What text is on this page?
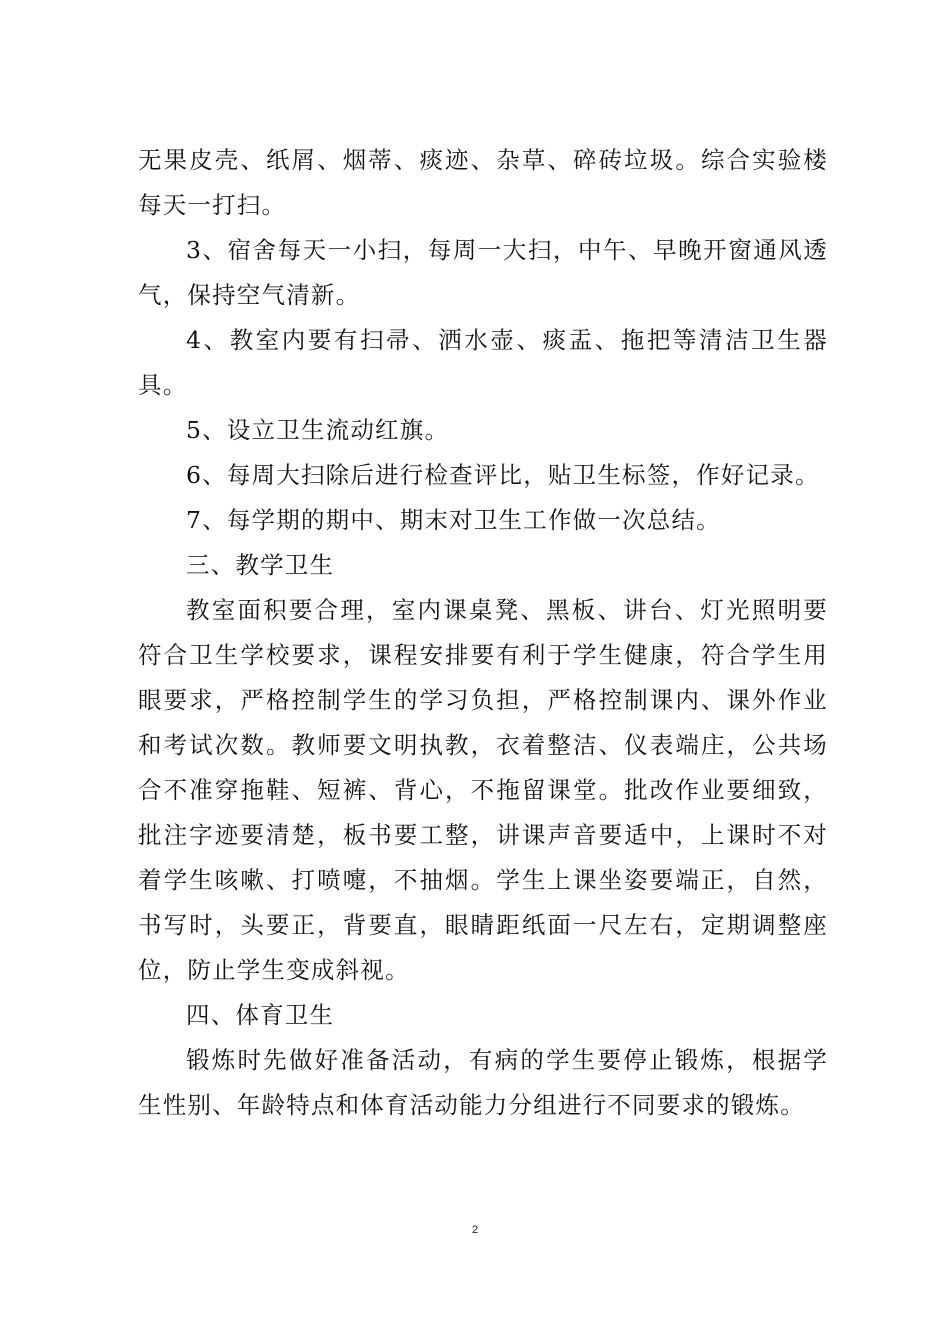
无果皮壳、纸屑、烟蒂、痰迹、杂草、碎砖垃圾。综合实验楼每天一打扫。

3、宿舍每天一小扫，每周一大扫，中午、早晚开窗通风透气，保持空气清新。

4、教室内要有扫帚、洒水壶、痰盂、拖把等清洁卫生器具。

5、设立卫生流动红旗。

6、每周大扫除后进行检查评比，贴卫生标签，作好记录。

7、每学期的期中、期末对卫生工作做一次总结。

三、教学卫生

教室面积要合理，室内课桌凳、黑板、讲台、灯光照明要符合卫生学校要求，课程安排要有利于学生健康，符合学生用眼要求，严格控制学生的学习负担，严格控制课内、课外作业和考试次数。教师要文明执教，衣着整洁、仪表端庄，公共场合不准穿拖鞋、短裤、背心，不拖留课堂。批改作业要细致，批注字迹要清楚，板书要工整，讲课声音要适中，上课时不对着学生咳嗽、打喷嚏，不抽烟。学生上课坐姿要端正，自然，书写时，头要正，背要直，眼睛距纸面一尺左右，定期调整座位，防止学生变成斜视。

四、体育卫生

锻炼时先做好准备活动，有病的学生要停止锻炼，根据学生性别、年龄特点和体育活动能力分组进行不同要求的锻炼。

2
